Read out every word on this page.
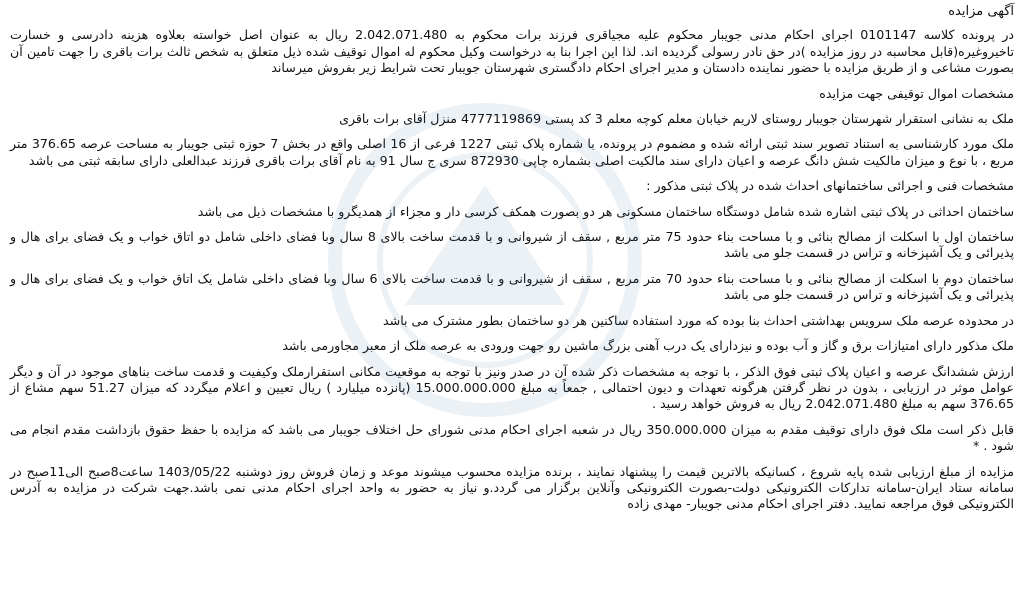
آگهی مزایده

در پرونده کلاسه 0101147 اجرای احکام مدنی جویبار محکوم علیه مجیاقری فرزند برات محکوم به 2.042.071.480 ریال به عنوان اصل خواسته بعلاوه هزینه دادرسی و خسارت تاخیروغیره(قابل محاسبه در روز مزایده )در حق نادر رسولی گردیده اند. لذا این اجرا بنا به درخواست وکیل محکوم له اموال توقیف شده ذیل متعلق به شخص ثالث برات باقری را جهت تامین آن بصورت مشاعی و از طریق مزایده با حضور نماینده دادستان و مدیر اجرای احکام دادگستری شهرستان جویبار تحت شرایط زیر بفروش میرساند

مشخصات اموال توقیفی جهت مزایده

ملک به نشانی استقرار شهرستان جویبار روستای لاریم خیابان معلم کوچه معلم 3 کد پستی 4777119869 منزل آقای برات باقری

ملک مورد کارشناسی به استناد تصویر سند ثبتی ارائه شده و مضموم در پرونده، با شماره پلاک ثبتی 1227 فرعی از 16 اصلی واقع در بخش 7 حوزه ثبتی جویبار به مساحت عرصه 376.65 متر مربع ، با نوع و میزان مالکیت شش دانگ عرصه و اعیان دارای سند مالکیت اصلی بشماره چاپی 872930 سری ج سال 91 به نام آقای برات باقری فرزند عبدالعلی دارای سابقه ثبتی می باشد

مشخصات فنی و اجرائی ساختمانهای احداث شده در پلاک ثبتی مذکور :

ساختمان احداثی در پلاک ثبتی اشاره شده شامل دوستگاه ساختمان مسکونی هر دو بصورت همکف کرسی دار و مجزاء از همدیگرو با مشخصات ذیل می باشد

ساختمان اول با اسکلت از مصالح بنائی و با مساحت بناء حدود 75 متر مربع , سقف از شیروانی و با قدمت ساخت بالای 8 سال وبا فضای داخلی شامل دو اتاق خواب و یک فضای برای هال و پذیرائی و یک آشپزخانه و تراس در قسمت جلو می باشد

ساختمان دوم با اسکلت از مصالح بنائی و با مساحت بناء حدود 70 متر مربع , سقف از شیروانی و با قدمت ساخت بالای 6 سال وبا فضای داخلی شامل یک اتاق خواب و یک فضای برای هال و پذیرائی و یک آشپزخانه و تراس در قسمت جلو می باشد

در محدوده عرصه ملک سرویس بهداشتی احداث بنا بوده که مورد استفاده ساکنین هر دو ساختمان بطور مشترک می باشد

ملک مذکور دارای امتیازات برق و گاز و آب بوده و نیزدارای یک درب آهنی بزرگ ماشین رو جهت ورودی به عرصه ملک از معبر مجاورمی باشد

ارزش ششدانگ عرصه و اعیان پلاک ثبتی فوق الذکر ، با توجه به مشخصات ذکر شده آن در صدر ونیز با توجه به موقعیت مکانی استقرارملک وکیفیت و قدمت ساخت بناهای موجود در آن و دیگر عوامل موثر در ارزیابی ، بدون در نظر گرفتن هرگونه تعهدات و دیون احتمالی , جمعاً به مبلغ 15.000.000.000 (پانزده میلیارد ) ریال تعیین و اعلام میگردد که میزان 51.27 سهم مشاع از 376.65 سهم به مبلغ 2.042.071.480 ریال به فروش خواهد رسید .

قابل ذکر است ملک فوق دارای توقیف مقدم به میزان 350.000.000 ریال در شعبه اجرای احکام مدنی شورای حل اختلاف جویبار می باشد که مزایده با حفظ حقوق بازداشت مقدم انجام می شود . *

مزایده از مبلغ ارزیابی شده پایه شروع ، کسانیکه بالاترین قیمت را پیشنهاد نمایند ، برنده مزایده محسوب میشوند موعد و زمان فروش روز دوشنبه 1403/05/22 ساعت8صبح الی11صبح در سامانه ستاد ایران-سامانه تدارکات الکترونیکی دولت-بصورت الکترونیکی وآنلاین برگزار می گردد.و نیاز به حضور به واحد اجرای احکام مدنی نمی باشد.جهت شرکت در مزایده به آدرس الکترونیکی فوق مراجعه نمایید. دفتر اجرای احکام مدنی جویبار- مهدی زاده
